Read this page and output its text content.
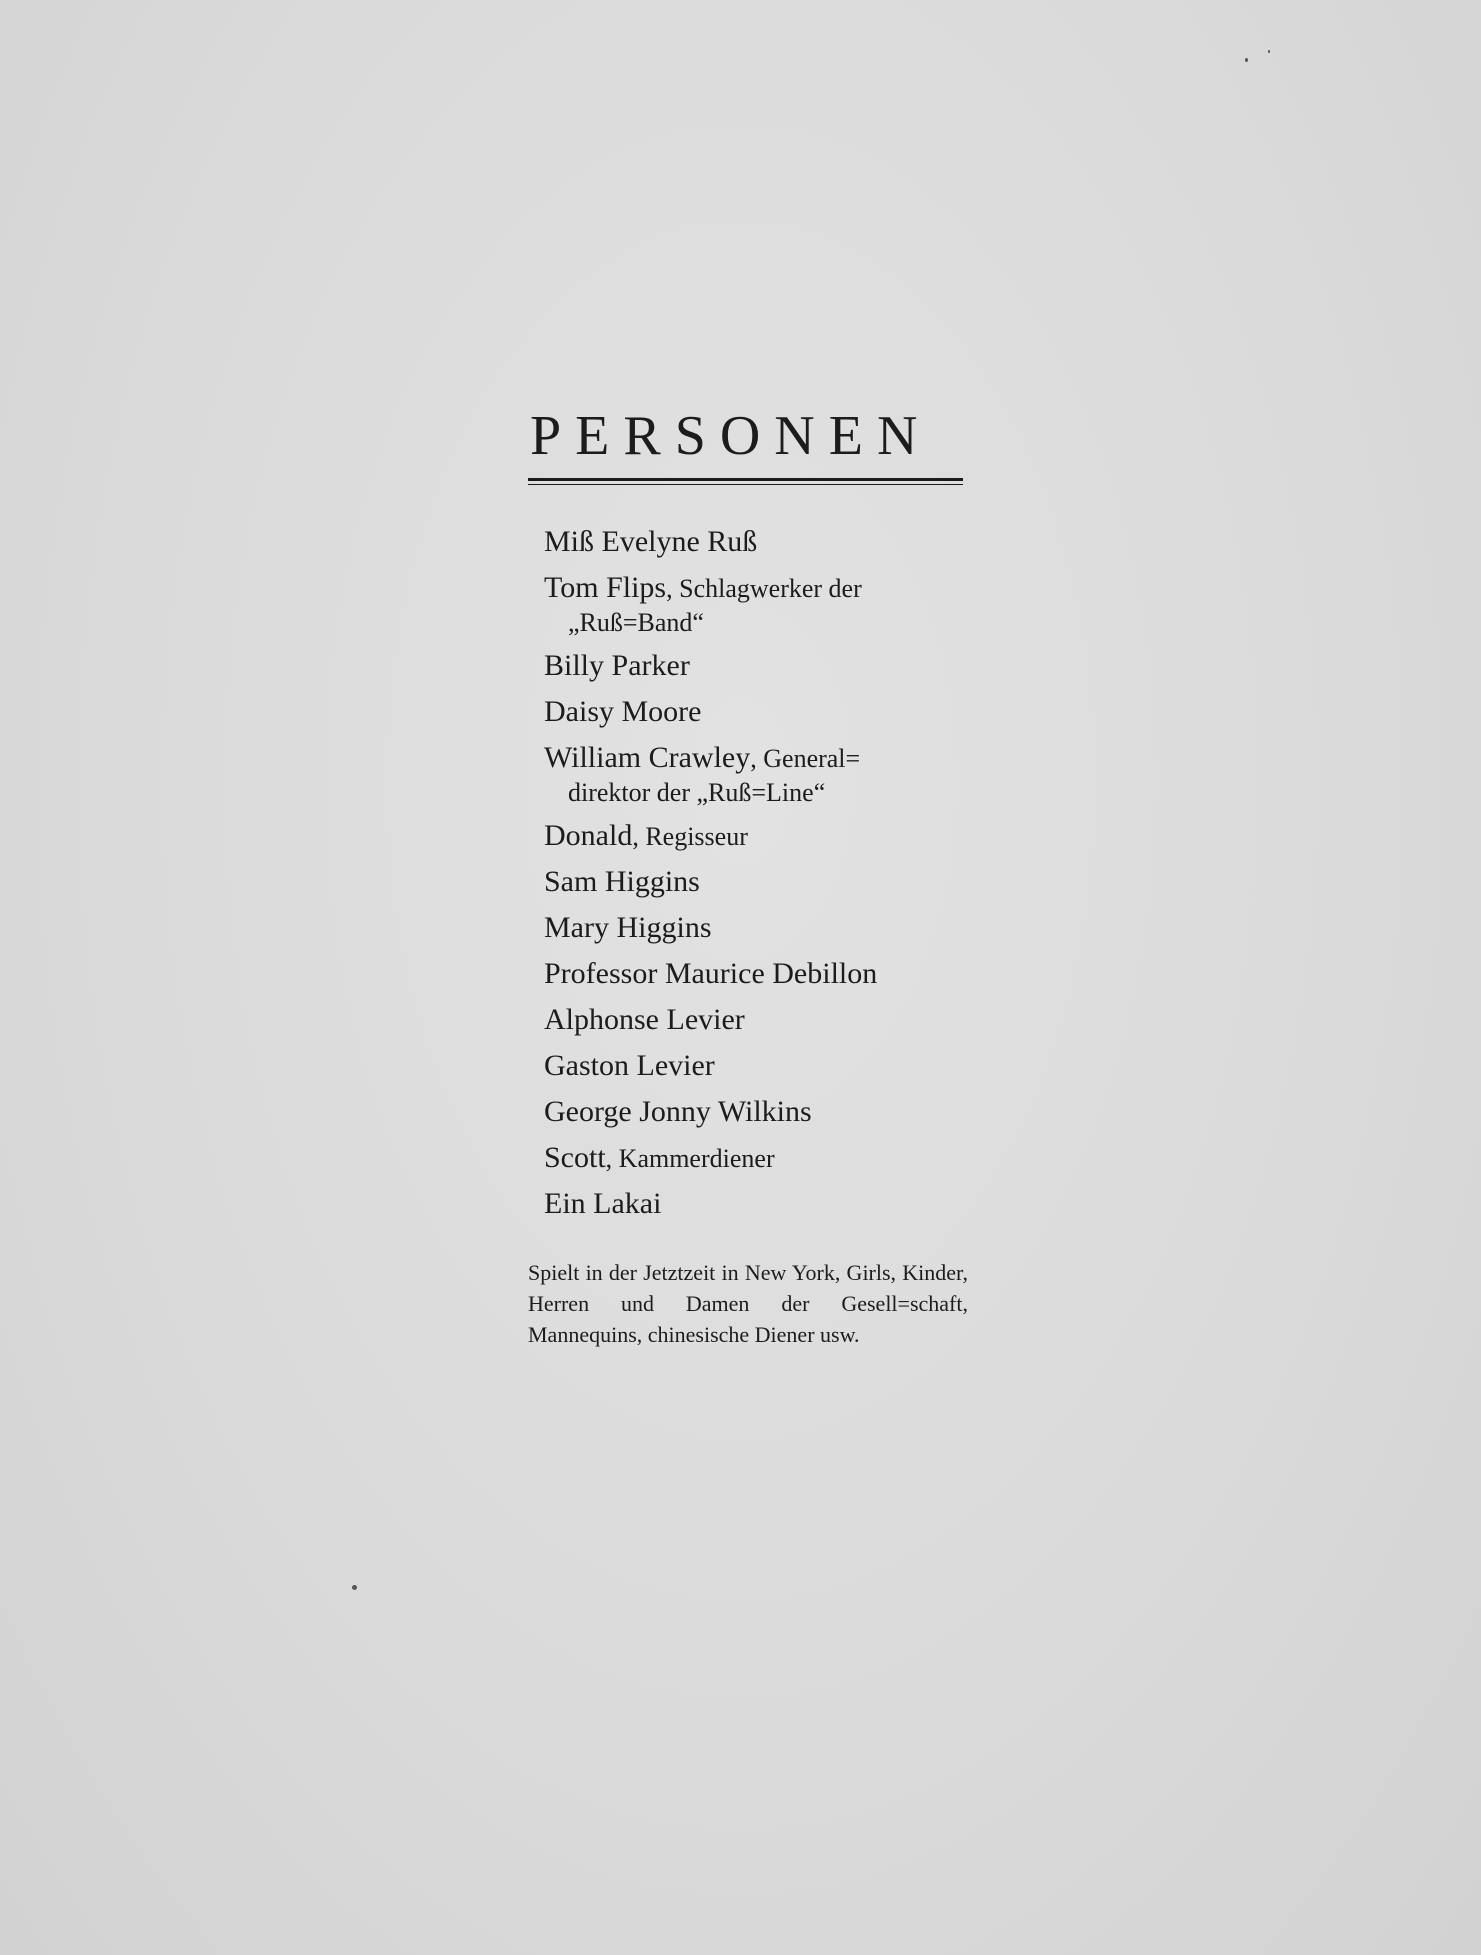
PERSONEN
Miß Evelyne Ruß
Tom Flips, Schlagwerker der
„Ruß=Band“
Billy Parker
Daisy Moore
William Crawley, General=
direktor der „Ruß=Line“
Donald, Regisseur
Sam Higgins
Mary Higgins
Professor Maurice Debillon
Alphonse Levier
Gaston Levier
George Jonny Wilkins
Scott, Kammerdiener
Ein Lakai

Spielt in der Jetztzeit in New York, Girls, Kinder, Herren und Damen der Gesell=schaft, Mannequins, chinesische Diener usw.
